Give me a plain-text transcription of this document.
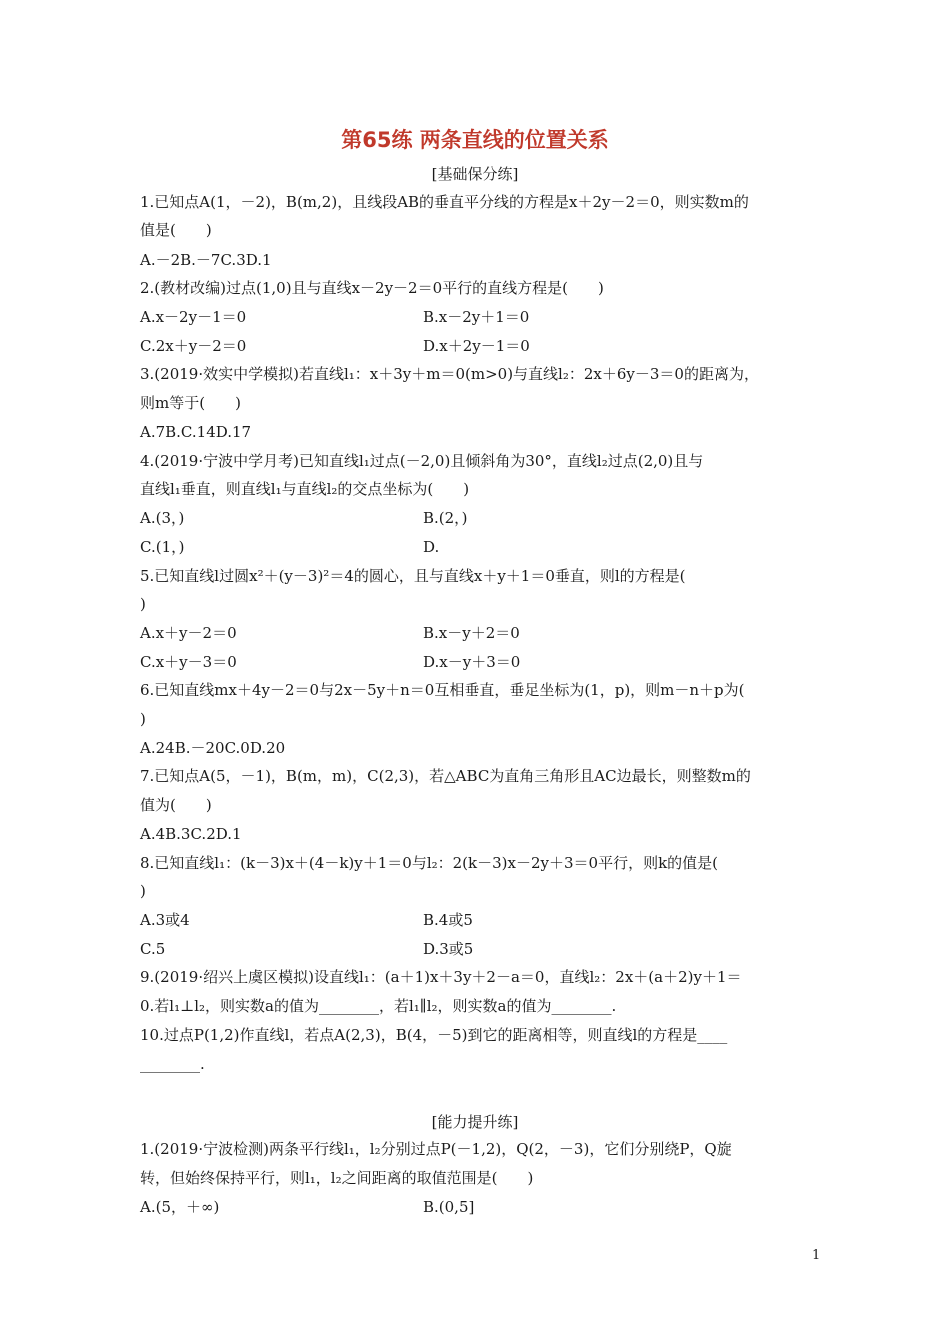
第65练 两条直线的位置关系
[基础保分练]
1.已知点A(1，－2)，B(m,2)，且线段AB的垂直平分线的方程是x＋2y－2＝0，则实数m的
值是(　　)
A.－2B.－7C.3D.1
2.(教材改编)过点(1,0)且与直线x－2y－2＝0平行的直线方程是(　　)
A.x－2y－1＝0	B.x－2y＋1＝0
C.2x＋y－2＝0	D.x＋2y－1＝0
3.(2019·效实中学模拟)若直线l₁：x＋3y＋m＝0(m>0)与直线l₂：2x＋6y－3＝0的距离为，
则m等于(　　)
A.7B.C.14D.17
4.(2019·宁波中学月考)已知直线l₁过点(－2,0)且倾斜角为30°，直线l₂过点(2,0)且与
直线l₁垂直，则直线l₁与直线l₂的交点坐标为(　　)
A.(3，)	B.(2，)
C.(1，)	D.
5.已知直线l过圆x²＋(y－3)²＝4的圆心，且与直线x＋y＋1＝0垂直，则l的方程是(
)
A.x＋y－2＝0	B.x－y＋2＝0
C.x＋y－3＝0	D.x－y＋3＝0
6.已知直线mx＋4y－2＝0与2x－5y＋n＝0互相垂直，垂足坐标为(1，p)，则m－n＋p为(
)
A.24B.－20C.0D.20
7.已知点A(5，－1)，B(m，m)，C(2,3)，若△ABC为直角三角形且AC边最长，则整数m的
值为(　　)
A.4B.3C.2D.1
8.已知直线l₁：(k－3)x＋(4－k)y＋1＝0与l₂：2(k－3)x－2y＋3＝0平行，则k的值是(
)
A.3或4	B.4或5
C.5	D.3或5
9.(2019·绍兴上虞区模拟)设直线l₁：(a＋1)x＋3y＋2－a＝0，直线l₂：2x＋(a＋2)y＋1＝
0.若l₁⊥l₂，则实数a的值为________，若l₁∥l₂，则实数a的值为________.
10.过点P(1,2)作直线l，若点A(2,3)，B(4，－5)到它的距离相等，则直线l的方程是____
________.
[能力提升练]
1.(2019·宁波检测)两条平行线l₁，l₂分别过点P(－1,2)，Q(2，－3)，它们分别绕P，Q旋
转，但始终保持平行，则l₁，l₂之间距离的取值范围是(　　)
A.(5，＋∞)	B.(0,5]
1
